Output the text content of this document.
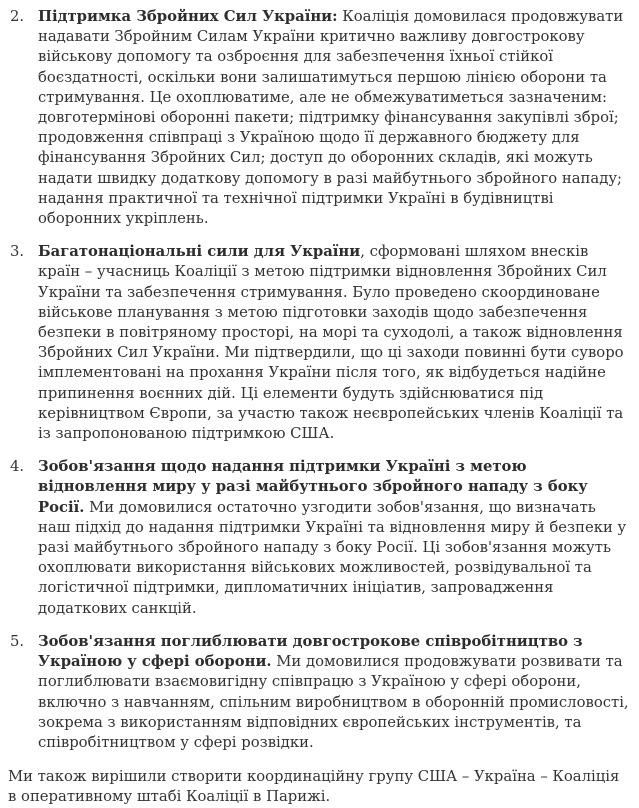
2. Підтримка Збройних Сил України: Коаліція домовилася продовжувати надавати Збройним Силам України критично важливу довгострокову військову допомогу та озброєння для забезпечення їхньої стійкої боєздатності, оскільки вони залишатимуться першою лінією оборони та стримування. Це охоплюватиме, але не обмежуватиметься зазначеним: довготермінові оборонні пакети; підтримку фінансування закупівлі зброї; продовження співпраці з Україною щодо її державного бюджету для фінансування Збройних Сил; доступ до оборонних складів, які можуть надати швидку додаткову допомогу в разі майбутнього збройного нападу; надання практичної та технічної підтримки Україні в будівництві оборонних укріплень.
3. Багатонаціональні сили для України, сформовані шляхом внесків країн – учасниць Коаліції з метою підтримки відновлення Збройних Сил України та забезпечення стримування. Було проведено скоординоване військове планування з метою підготовки заходів щодо забезпечення безпеки в повітряному просторі, на морі та суходолі, а також відновлення Збройних Сил України. Ми підтвердили, що ці заходи повинні бути суворо імплементовані на прохання України після того, як відбудеться надійне припинення воєнних дій. Ці елементи будуть здійснюватися під керівництвом Європи, за участю також неєвропейських членів Коаліції та із запропонованою підтримкою США.
4. Зобов'язання щодо надання підтримки Україні з метою відновлення миру у разі майбутнього збройного нападу з боку Росії. Ми домовилися остаточно узгодити зобов'язання, що визначать наш підхід до надання підтримки Україні та відновлення миру й безпеки у разі майбутнього збройного нападу з боку Росії. Ці зобов'язання можуть охоплювати використання військових можливостей, розвідувальної та логістичної підтримки, дипломатичних ініціатив, запровадження додаткових санкцій.
5. Зобов'язання поглиблювати довгострокове співробітництво з Україною у сфері оборони. Ми домовилися продовжувати розвивати та поглиблювати взаємовигідну співпрацю з Україною у сфері оборони, включно з навчанням, спільним виробництвом в оборонній промисловості, зокрема з використанням відповідних європейських інструментів, та співробітництвом у сфері розвідки.

Ми також вирішили створити координаційну групу США – Україна – Коаліція в оперативному штабі Коаліції в Парижі.
